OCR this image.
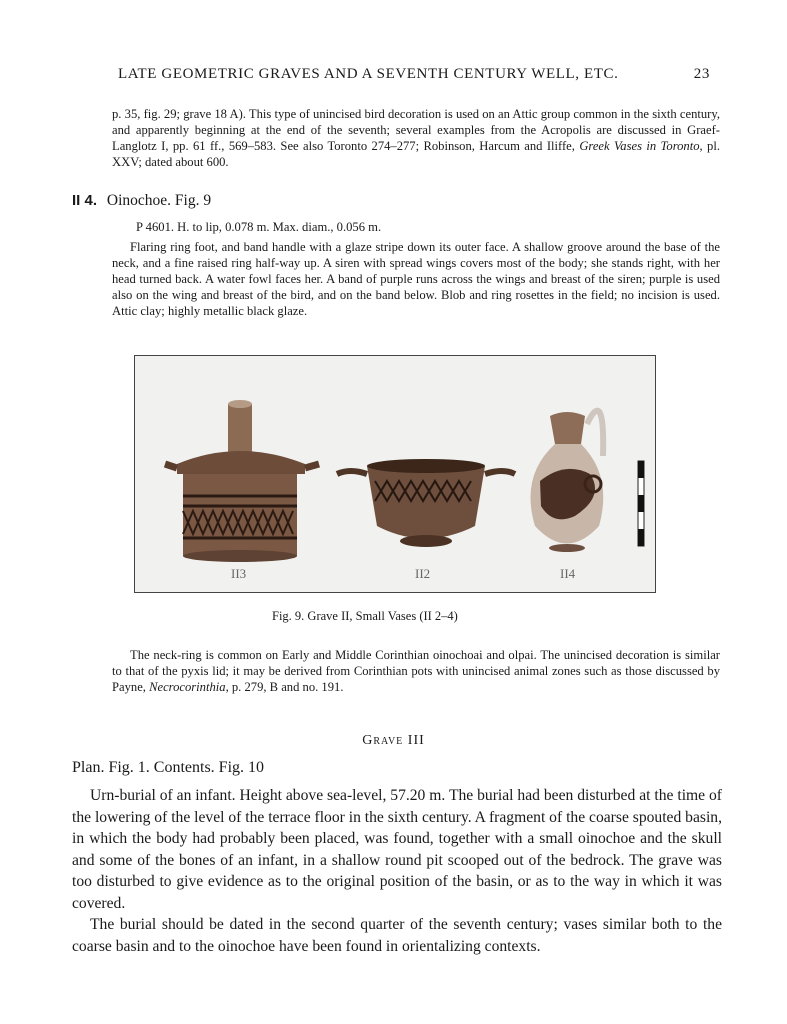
LATE GEOMETRIC GRAVES AND A SEVENTH CENTURY WELL, ETC.	23
p. 35, fig. 29; grave 18 A). This type of unincised bird decoration is used on an Attic group common in the sixth century, and apparently beginning at the end of the seventh; several examples from the Acropolis are discussed in Graef-Langlotz I, pp. 61 ff., 569–583. See also Toronto 274–277; Robinson, Harcum and Iliffe, Greek Vases in Toronto, pl. XXV; dated about 600.
II 4. Oinochoe. Fig. 9
P 4601. H. to lip, 0.078 m. Max. diam., 0.056 m.
Flaring ring foot, and band handle with a glaze stripe down its outer face. A shallow groove around the base of the neck, and a fine raised ring half-way up. A siren with spread wings covers most of the body; she stands right, with her head turned back. A water fowl faces her. A band of purple runs across the wings and breast of the siren; purple is used also on the wing and breast of the bird, and on the band below. Blob and ring rosettes in the field; no incision is used. Attic clay; highly metallic black glaze.
II3	II2	II4
Fig. 9. Grave II, Small Vases (II 2–4)
The neck-ring is common on Early and Middle Corinthian oinochoai and olpai. The unincised decoration is similar to that of the pyxis lid; it may be derived from Corinthian pots with unincised animal zones such as those discussed by Payne, Necrocorinthia, p. 279, B and no. 191.
Grave III
Plan. Fig. 1. Contents. Fig. 10
Urn-burial of an infant. Height above sea-level, 57.20 m. The burial had been disturbed at the time of the lowering of the level of the terrace floor in the sixth century. A fragment of the coarse spouted basin, in which the body had probably been placed, was found, together with a small oinochoe and the skull and some of the bones of an infant, in a shallow round pit scooped out of the bedrock. The grave was too disturbed to give evidence as to the original position of the basin, or as to the way in which it was covered.
The burial should be dated in the second quarter of the seventh century; vases similar both to the coarse basin and to the oinochoe have been found in orientalizing contexts.
